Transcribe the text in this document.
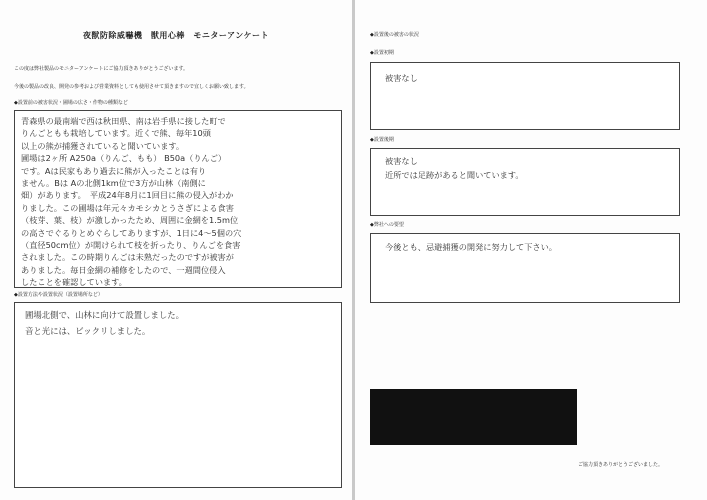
夜獣防除威嚇機　獣用心棒　モニターアンケート
この度は弊社製品のモニターアンケートにご協力頂きありがとうございます。
今後の製品の改良、開発の参考および営業資料としても使用させて頂きますので宜しくお願い致します。
◆設置前の被害状況・圃場の広さ・作物の種類など
青森県の最南端で西は秋田県、南は岩手県に接した町で
りんごともも栽培しています。近くで熊、毎年10頭
以上の熊が捕獲されていると聞いています。
圃場は2ヶ所 A250a（りんご、もも） B50a（りんご）
です。Aは民家もあり過去に熊が入ったことは有り
ません。Bは Aの北側1km位で3方が山林（南側に
畑）があります。　平成24年8月に1回目に熊の侵入がわか
りました。この圃場は年元々カモシカとうさぎによる食害
（枝芽、葉、枝）が激しかったため、周囲に金網を1.5m位
の高さでぐるりとめぐらしてありますが、1日に4〜5個の穴
（直径50cm位）が開けられて枝を折ったり、りんごを食害
されました。この時期りんごは未熟だったのですが被害が
ありました。毎日金網の補修をしたので、一週間位侵入
したことを確認しています。
◆設置方法や設置状況（設置場所など）
圃場北側で、山林に向けて設置しました。
音と光には、ビックリしました。
◆設置後の被害の状況
◆設置初期
被害なし
◆設置後期
被害なし
近所では足跡があると聞いています。
◆弊社への要望
今後とも、忌避捕獲の開発に努力して下さい。
ご協力頂きありがとうございました。
